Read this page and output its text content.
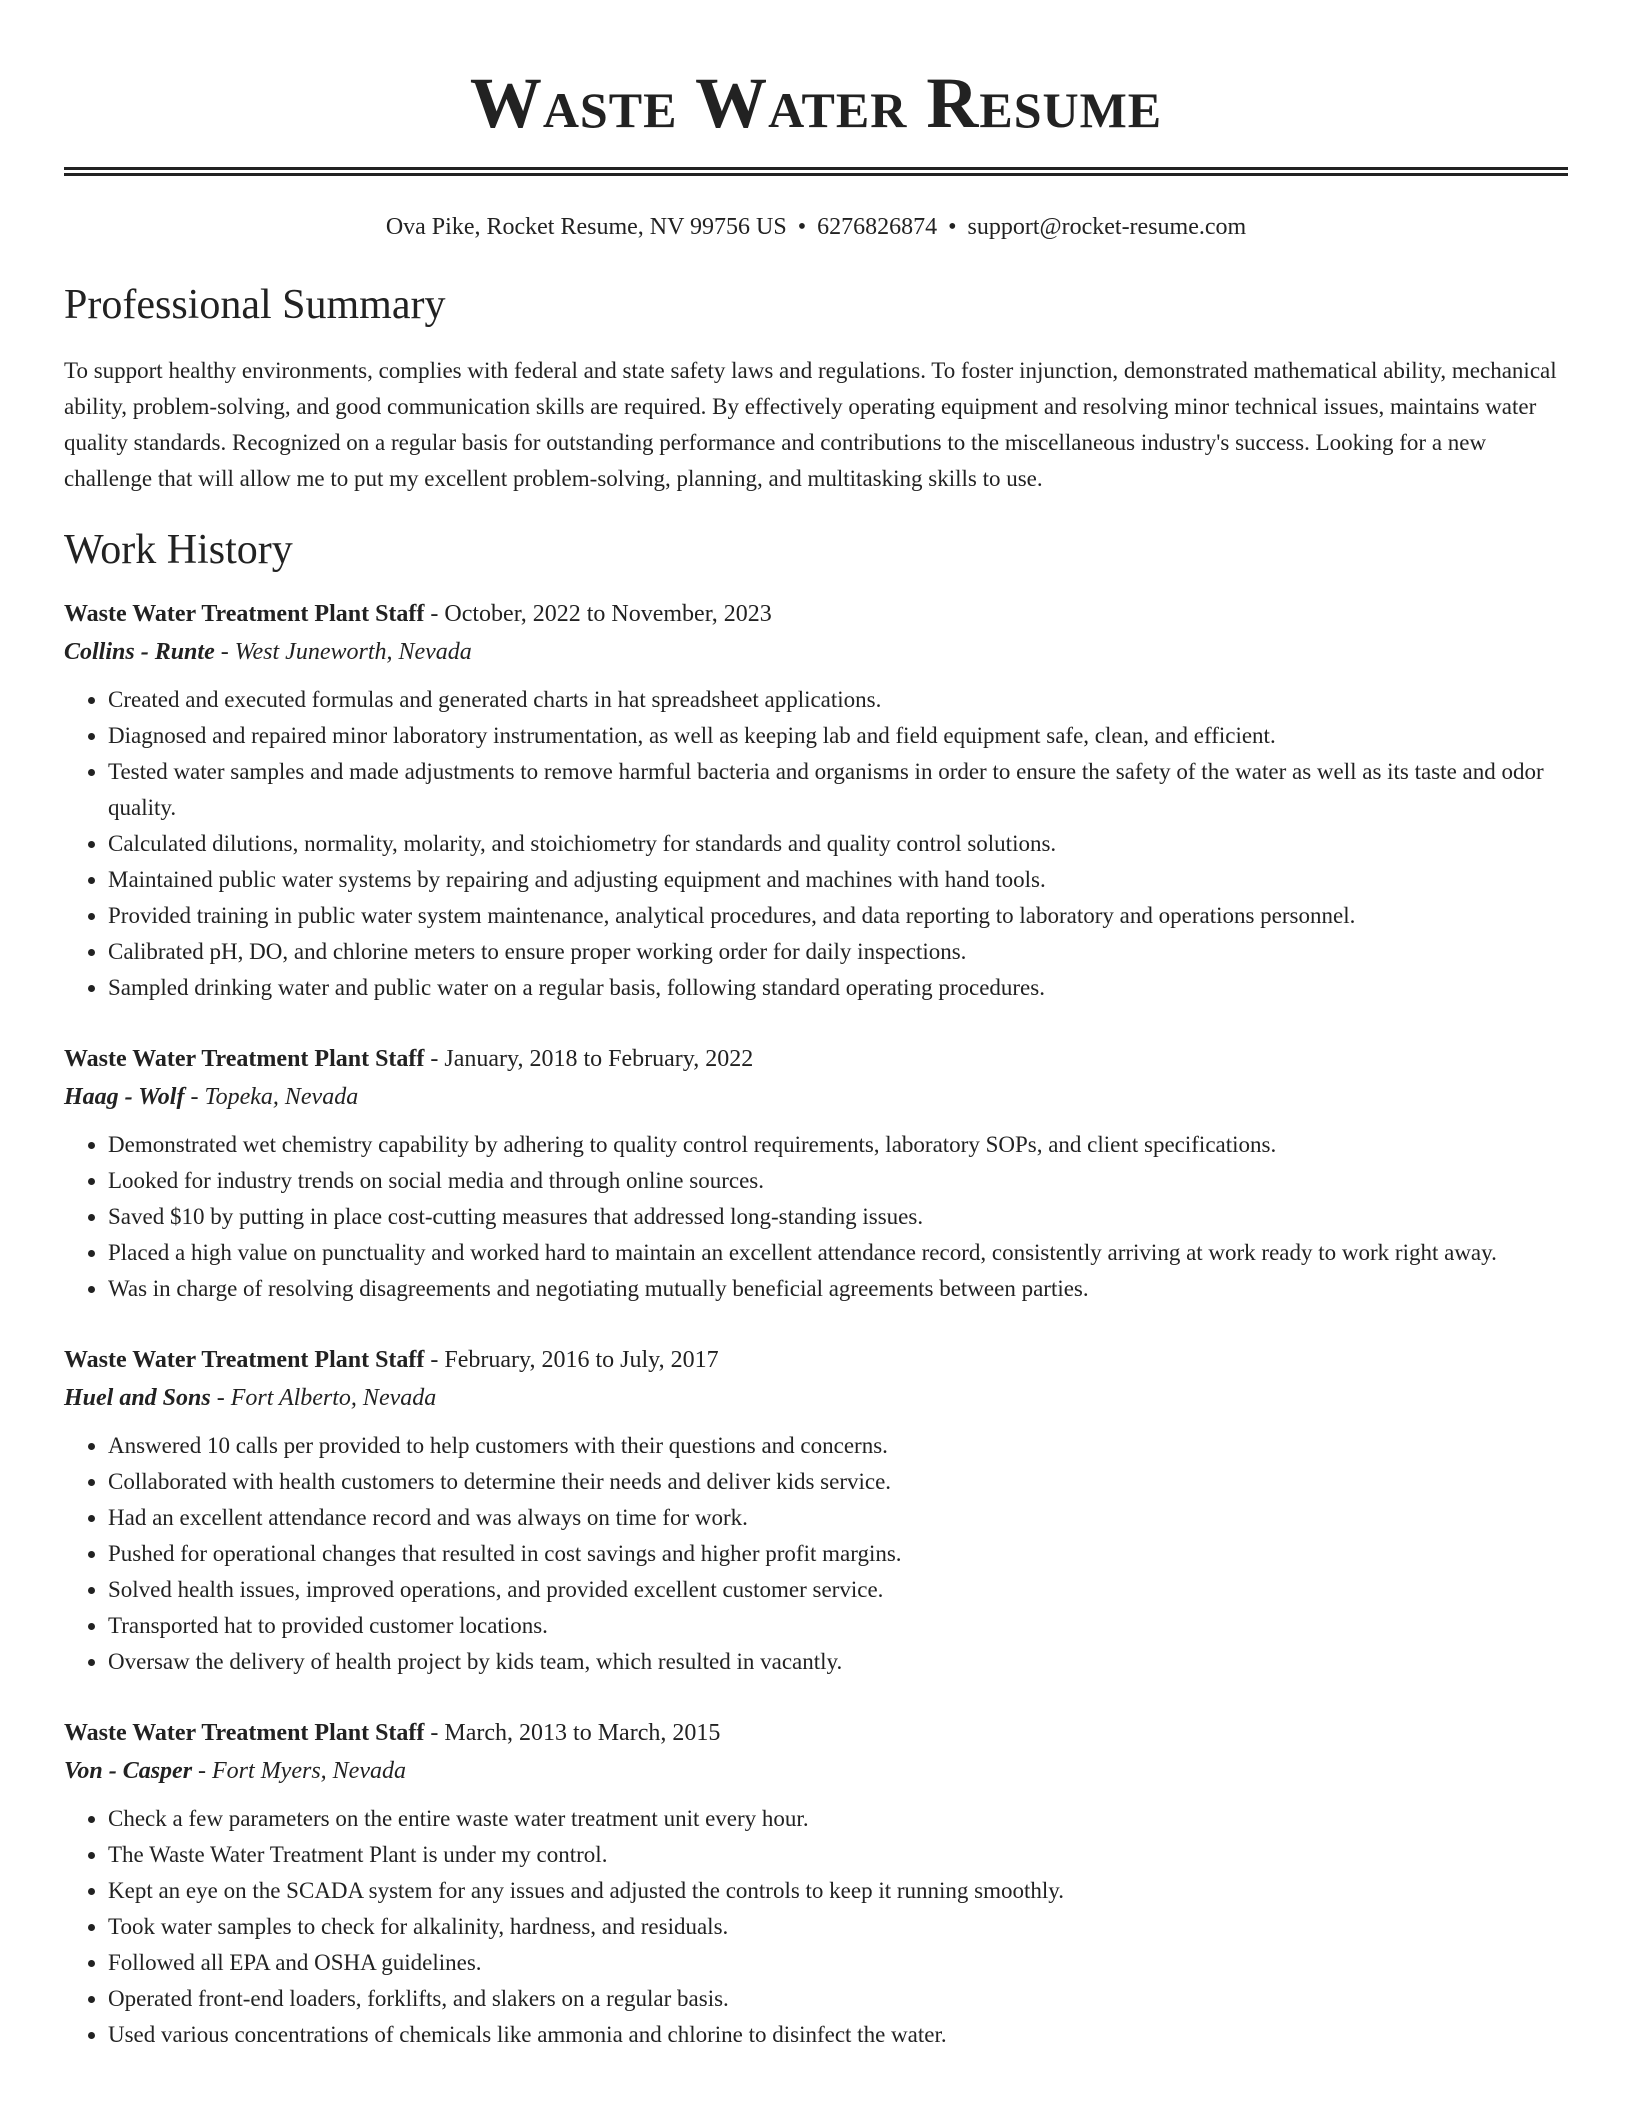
Waste Water Resume
Ova Pike, Rocket Resume, NV 99756 US • 6276826874 • support@rocket-resume.com
Professional Summary

To support healthy environments, complies with federal and state safety laws and regulations. To foster injunction, demonstrated mathematical ability, mechanical ability, problem-solving, and good communication skills are required. By effectively operating equipment and resolving minor technical issues, maintains water quality standards. Recognized on a regular basis for outstanding performance and contributions to the miscellaneous industry's success. Looking for a new challenge that will allow me to put my excellent problem-solving, planning, and multitasking skills to use.

Work History
Waste Water Treatment Plant Staff - October, 2022 to November, 2023
Collins - Runte - West Juneworth, Nevada
• Created and executed formulas and generated charts in hat spreadsheet applications.
• Diagnosed and repaired minor laboratory instrumentation, as well as keeping lab and field equipment safe, clean, and efficient.
• Tested water samples and made adjustments to remove harmful bacteria and organisms in order to ensure the safety of the water as well as its taste and odor quality.
• Calculated dilutions, normality, molarity, and stoichiometry for standards and quality control solutions.
• Maintained public water systems by repairing and adjusting equipment and machines with hand tools.
• Provided training in public water system maintenance, analytical procedures, and data reporting to laboratory and operations personnel.
• Calibrated pH, DO, and chlorine meters to ensure proper working order for daily inspections.
• Sampled drinking water and public water on a regular basis, following standard operating procedures.
Waste Water Treatment Plant Staff - January, 2018 to February, 2022
Haag - Wolf - Topeka, Nevada
• Demonstrated wet chemistry capability by adhering to quality control requirements, laboratory SOPs, and client specifications.
• Looked for industry trends on social media and through online sources.
• Saved $10 by putting in place cost-cutting measures that addressed long-standing issues.
• Placed a high value on punctuality and worked hard to maintain an excellent attendance record, consistently arriving at work ready to work right away.
• Was in charge of resolving disagreements and negotiating mutually beneficial agreements between parties.
Waste Water Treatment Plant Staff - February, 2016 to July, 2017
Huel and Sons - Fort Alberto, Nevada
• Answered 10 calls per provided to help customers with their questions and concerns.
• Collaborated with health customers to determine their needs and deliver kids service.
• Had an excellent attendance record and was always on time for work.
• Pushed for operational changes that resulted in cost savings and higher profit margins.
• Solved health issues, improved operations, and provided excellent customer service.
• Transported hat to provided customer locations.
• Oversaw the delivery of health project by kids team, which resulted in vacantly.
Waste Water Treatment Plant Staff - March, 2013 to March, 2015
Von - Casper - Fort Myers, Nevada
• Check a few parameters on the entire waste water treatment unit every hour.
• The Waste Water Treatment Plant is under my control.
• Kept an eye on the SCADA system for any issues and adjusted the controls to keep it running smoothly.
• Took water samples to check for alkalinity, hardness, and residuals.
• Followed all EPA and OSHA guidelines.
• Operated front-end loaders, forklifts, and slakers on a regular basis.
• Used various concentrations of chemicals like ammonia and chlorine to disinfect the water.
